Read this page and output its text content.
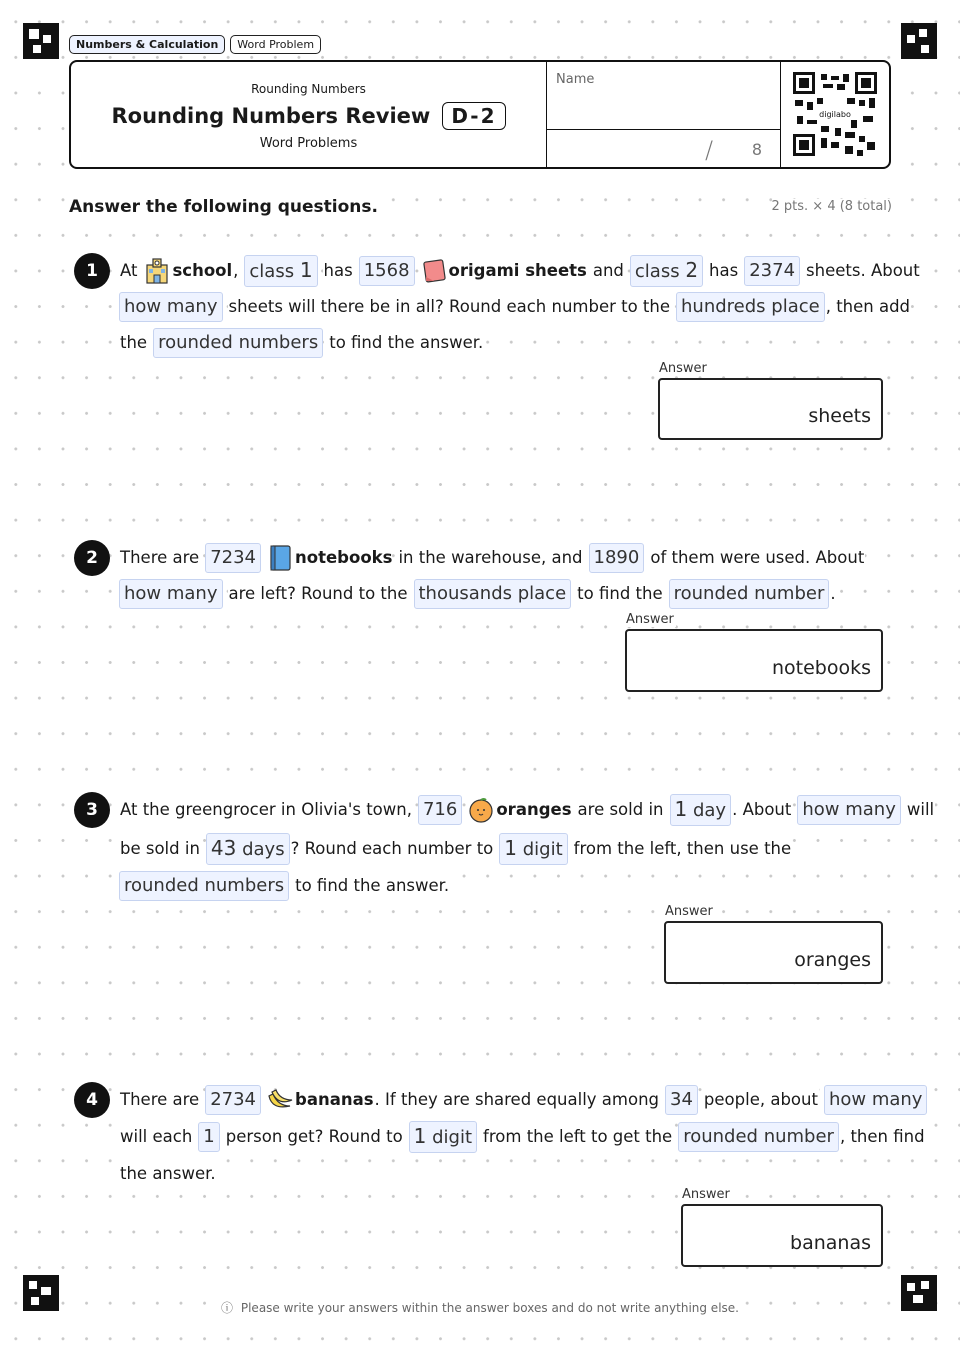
Numbers & Calculation	Word Problem
Rounding Numbers
Rounding Numbers Review	D-2
Word Problems
Name
/ 8
digilabo
Answer the following questions.	2 pts. × 4 (8 total)
1	At school , class 1 has 1568	origami sheets and class 2 has 2374 sheets. About
how many sheets will there be in all? Round each number to the hundreds place , then add
the rounded numbers to find the answer.
Answer
sheets
2	There are 7234	notebooks in the warehouse, and 1890 of them were used. About
how many are left? Round to the thousands place to find the rounded number .
Answer
notebooks
3	At the greengrocer in Olivia's town, 716	oranges are sold in 1 day . About how many will
be sold in 43 days ? Round each number to 1 digit from the left, then use the
rounded numbers to find the answer.
Answer
oranges
4	There are 2734	bananas . If they are shared equally among 34 people, about how many
will each 1 person get? Round to 1 digit from the left to get the rounded number , then find
the answer.
Answer
bananas
ⓘ Please write your answers within the answer boxes and do not write anything else.
